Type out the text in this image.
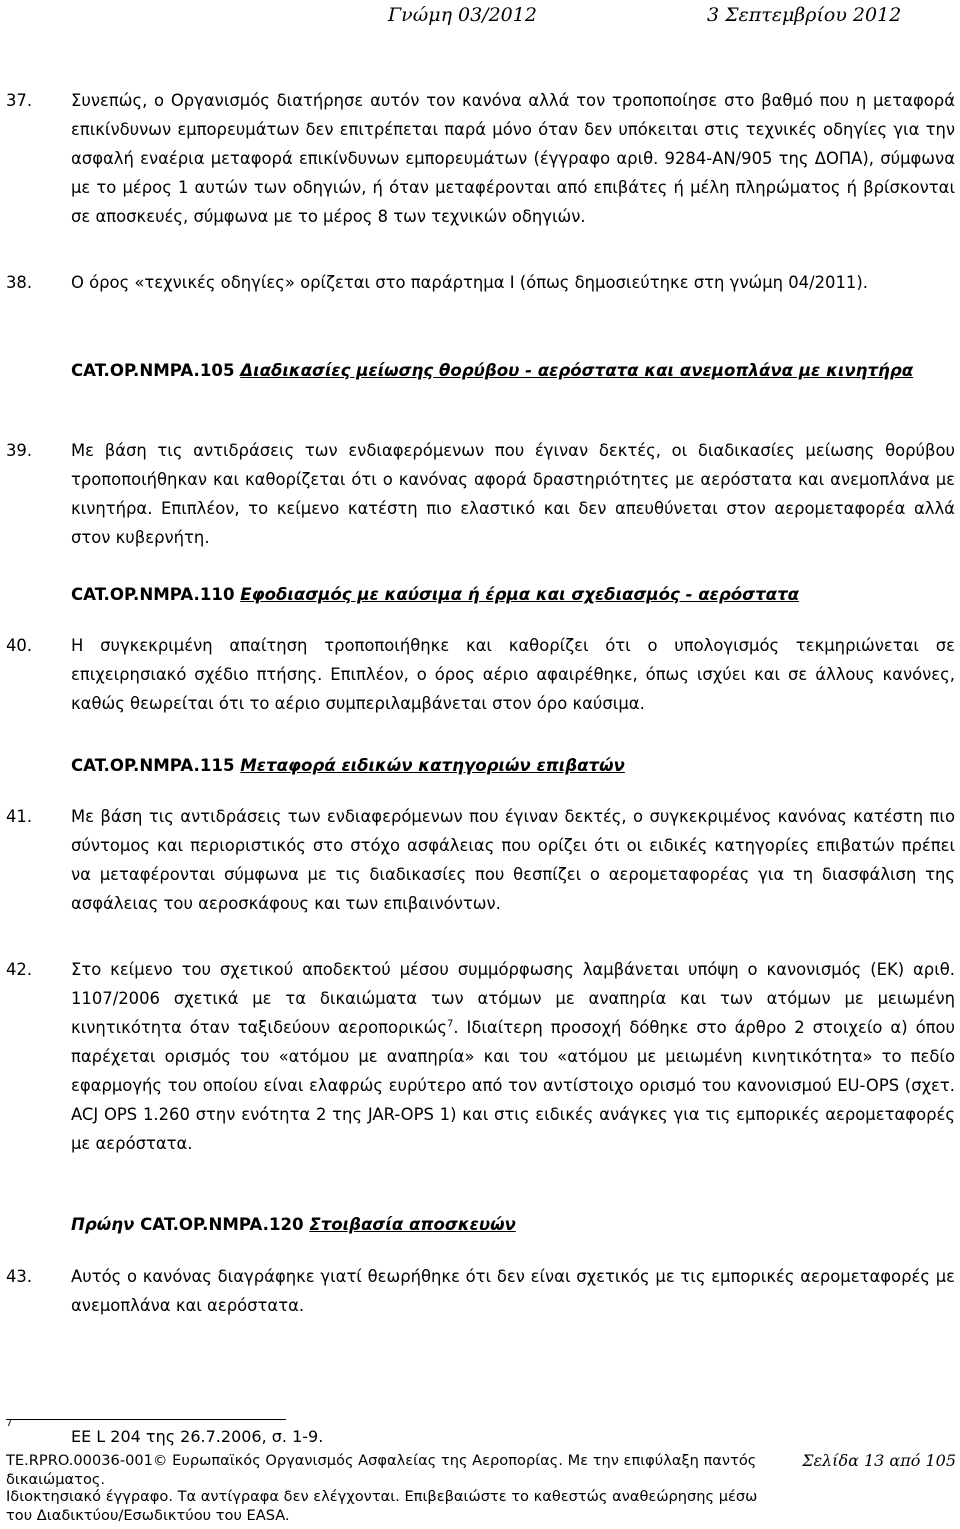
Γνώμη 03/2012	3 Σεπτεμβρίου 2012
37. Συνεπώς, ο Οργανισμός διατήρησε αυτόν τον κανόνα αλλά τον τροποποίησε στο βαθμό που η μεταφορά επικίνδυνων εμπορευμάτων δεν επιτρέπεται παρά μόνο όταν δεν υπόκειται στις τεχνικές οδηγίες για την ασφαλή εναέρια μεταφορά επικίνδυνων εμπορευμάτων (έγγραφο αριθ. 9284-AN/905 της ΔΟΠΑ), σύμφωνα με το μέρος 1 αυτών των οδηγιών, ή όταν μεταφέρονται από επιβάτες ή μέλη πληρώματος ή βρίσκονται σε αποσκευές, σύμφωνα με το μέρος 8 των τεχνικών οδηγιών.
38. Ο όρος «τεχνικές οδηγίες» ορίζεται στο παράρτημα I (όπως δημοσιεύτηκε στη γνώμη 04/2011).
CAT.OP.NMPA.105 Διαδικασίες μείωσης θορύβου - αερόστατα και ανεμοπλάνα με κινητήρα
39. Με βάση τις αντιδράσεις των ενδιαφερόμενων που έγιναν δεκτές, οι διαδικασίες μείωσης θορύβου τροποποιήθηκαν και καθορίζεται ότι ο κανόνας αφορά δραστηριότητες με αερόστατα και ανεμοπλάνα με κινητήρα. Επιπλέον, το κείμενο κατέστη πιο ελαστικό και δεν απευθύνεται στον αερομεταφορέα αλλά στον κυβερνήτη.
CAT.OP.NMPA.110 Εφοδιασμός με καύσιμα ή έρμα και σχεδιασμός - αερόστατα
40. Η συγκεκριμένη απαίτηση τροποποιήθηκε και καθορίζει ότι ο υπολογισμός τεκμηριώνεται σε επιχειρησιακό σχέδιο πτήσης. Επιπλέον, ο όρος αέριο αφαιρέθηκε, όπως ισχύει και σε άλλους κανόνες, καθώς θεωρείται ότι το αέριο συμπεριλαμβάνεται στον όρο καύσιμα.
CAT.OP.NMPA.115 Μεταφορά ειδικών κατηγοριών επιβατών
41. Με βάση τις αντιδράσεις των ενδιαφερόμενων που έγιναν δεκτές, ο συγκεκριμένος κανόνας κατέστη πιο σύντομος και περιοριστικός στο στόχο ασφάλειας που ορίζει ότι οι ειδικές κατηγορίες επιβατών πρέπει να μεταφέρονται σύμφωνα με τις διαδικασίες που θεσπίζει ο αερομεταφορέας για τη διασφάλιση της ασφάλειας του αεροσκάφους και των επιβαινόντων.
42. Στο κείμενο του σχετικού αποδεκτού μέσου συμμόρφωσης λαμβάνεται υπόψη ο κανονισμός (ΕΚ) αριθ. 1107/2006 σχετικά με τα δικαιώματα των ατόμων με αναπηρία και των ατόμων με μειωμένη κινητικότητα όταν ταξιδεύουν αεροπορικώς$^7$. Ιδιαίτερη προσοχή δόθηκε στο άρθρο 2 στοιχείο α) όπου παρέχεται ορισμός του «ατόμου με αναπηρία» και του «ατόμου με μειωμένη κινητικότητα» το πεδίο εφαρμογής του οποίου είναι ελαφρώς ευρύτερο από τον αντίστοιχο ορισμό του κανονισμού EU-OPS (σχετ. ACJ OPS 1.260 στην ενότητα 2 της JAR-OPS 1) και στις ειδικές ανάγκες για τις εμπορικές αερομεταφορές με αερόστατα.
Πρώην CAT.OP.NMPA.120 Στοιβασία αποσκευών
43. Αυτός ο κανόνας διαγράφηκε γιατί θεωρήθηκε ότι δεν είναι σχετικός με τις εμπορικές αερομεταφορές με ανεμοπλάνα και αερόστατα.
7
EE L 204 της 26.7.2006, σ. 1-9.
TE.RPRO.00036-001© Ευρωπαϊκός Οργανισμός Ασφαλείας της Αεροπορίας. Με την επιφύλαξη παντός δικαιώματος.
Σελίδα 13 από 105
Ιδιοκτησιακό έγγραφο. Τα αντίγραφα δεν ελέγχονται. Επιβεβαιώστε το καθεστώς αναθεώρησης μέσω του Διαδικτύου/Εσωδικτύου του EASA.
